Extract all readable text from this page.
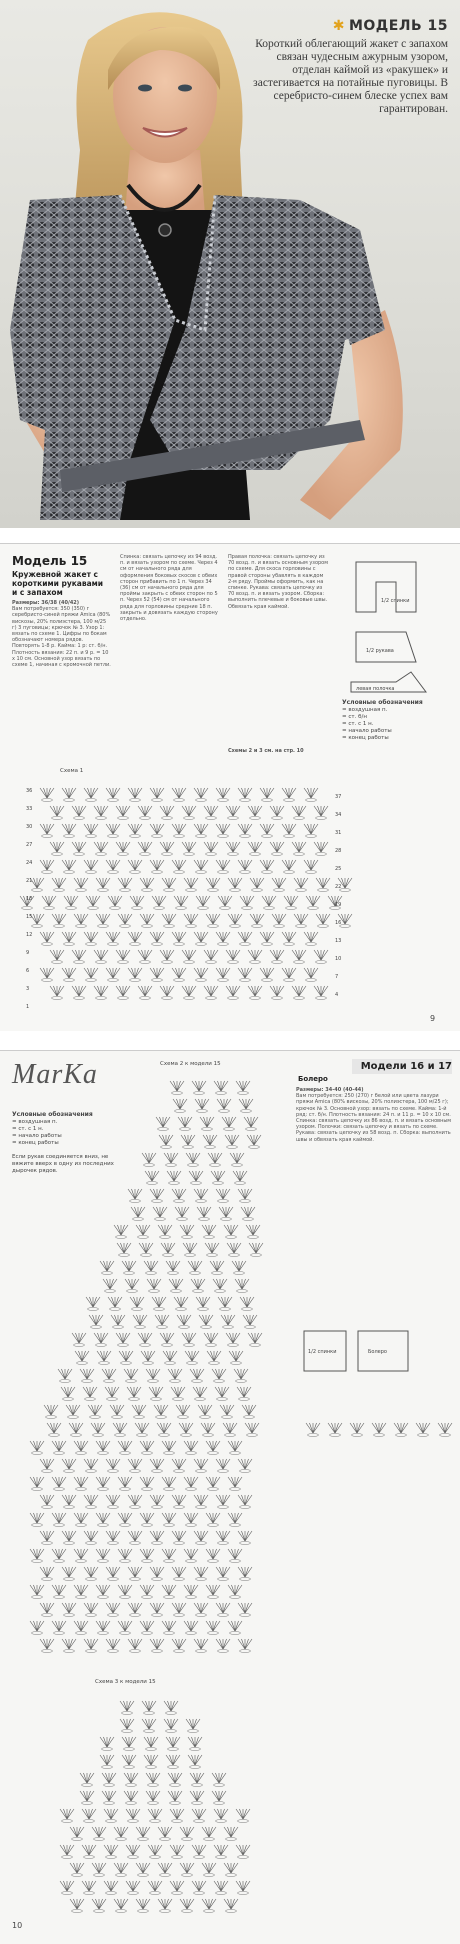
✱ МОДЕЛЬ 15
Короткий облегающий жакет с запахом связан чудесным ажурным узором, отделан каймой из «ракушек» и застегивается на потайные пуговицы. В серебристо-синем блеске успех вам гарантирован.
Модель 15
Кружевной жакет с короткими рукавами и с запахом
Размеры: 36/38 (40/42)
Вам потребуется: 350 (350) г серебристо-синей пряжи Amica (80% вискозы, 20% полиэстера, 100 м/25 г) 3 пуговицы; крючок № 3. Узор 1: вязать по схеме 1. Цифры по бокам обозначают номера рядов. Повторять 1-8 р. Кайма: 1 р: ст. б/н. Плотность вязания: 22 п. и 9 р. = 10 х 10 см. Основной узор вязать по схеме 1, начиная с кромочной петли.
Спинка: связать цепочку из 94 возд. п. и вязать узором по схеме. Через 4 см от начального ряда для оформления боковых скосов с обеих сторон прибавить по 1 п. Через 34 (36) см от начального ряда для проймы закрыть с обеих сторон по 5 п. Через 52 (54) см от начального ряда для горловины средние 18 п. закрыть и довязать каждую сторону отдельно.
Правая полочка: связать цепочку из 70 возд. п. и вязать основным узором по схеме. Для скоса горловины с правой стороны убавлять в каждом 2-м ряду. Проймы оформить, как на спинке. Рукава: связать цепочку из 70 возд. п. и вязать узором. Сборка: выполнить плечевые и боковые швы. Обвязать края каймой.
Схемы 2 и 3 см. на стр. 10
1/2 спинки
1/2 рукава
левая полочка
Условные обозначения
= воздушная п.
= ст. б/н
= ст. с 1 н.
= начало работы
= конец работы
Схема 1
36
33
30
27
24
21
18
15
12
9
6
3
1
37
34
31
28
25
22
19
16
13
10
7
4
9
MarKa	Модели 16 и 17
Болеро
Схема 2 к модели 15
Условные обозначения
= воздушная п.
= ст. с 1 н.
= начало работы
= конец работы

Если рукав соединяется вниз, не вяжите вверх в одну из последних дырочек рядов.
Размеры: 34-40 (40-44)
Вам потребуется: 250 (270) г белой или цвета лазури пряжи Amica (80% вискозы, 20% полиэстера, 100 м/25 г); крючок № 3. Основной узор: вязать по схеме. Кайма: 1-й ряд: ст. б/н. Плотность вязания: 24 п. и 11 р. = 10 х 10 см. Спинка: связать цепочку из 86 возд. п. и вязать основным узором. Полочки: связать цепочку и вязать по схеме. Рукава: связать цепочку из 58 возд. п. Сборка: выполнить швы и обвязать края каймой.
1/2 спинки	Болеро
Схема 3 к модели 15
10
